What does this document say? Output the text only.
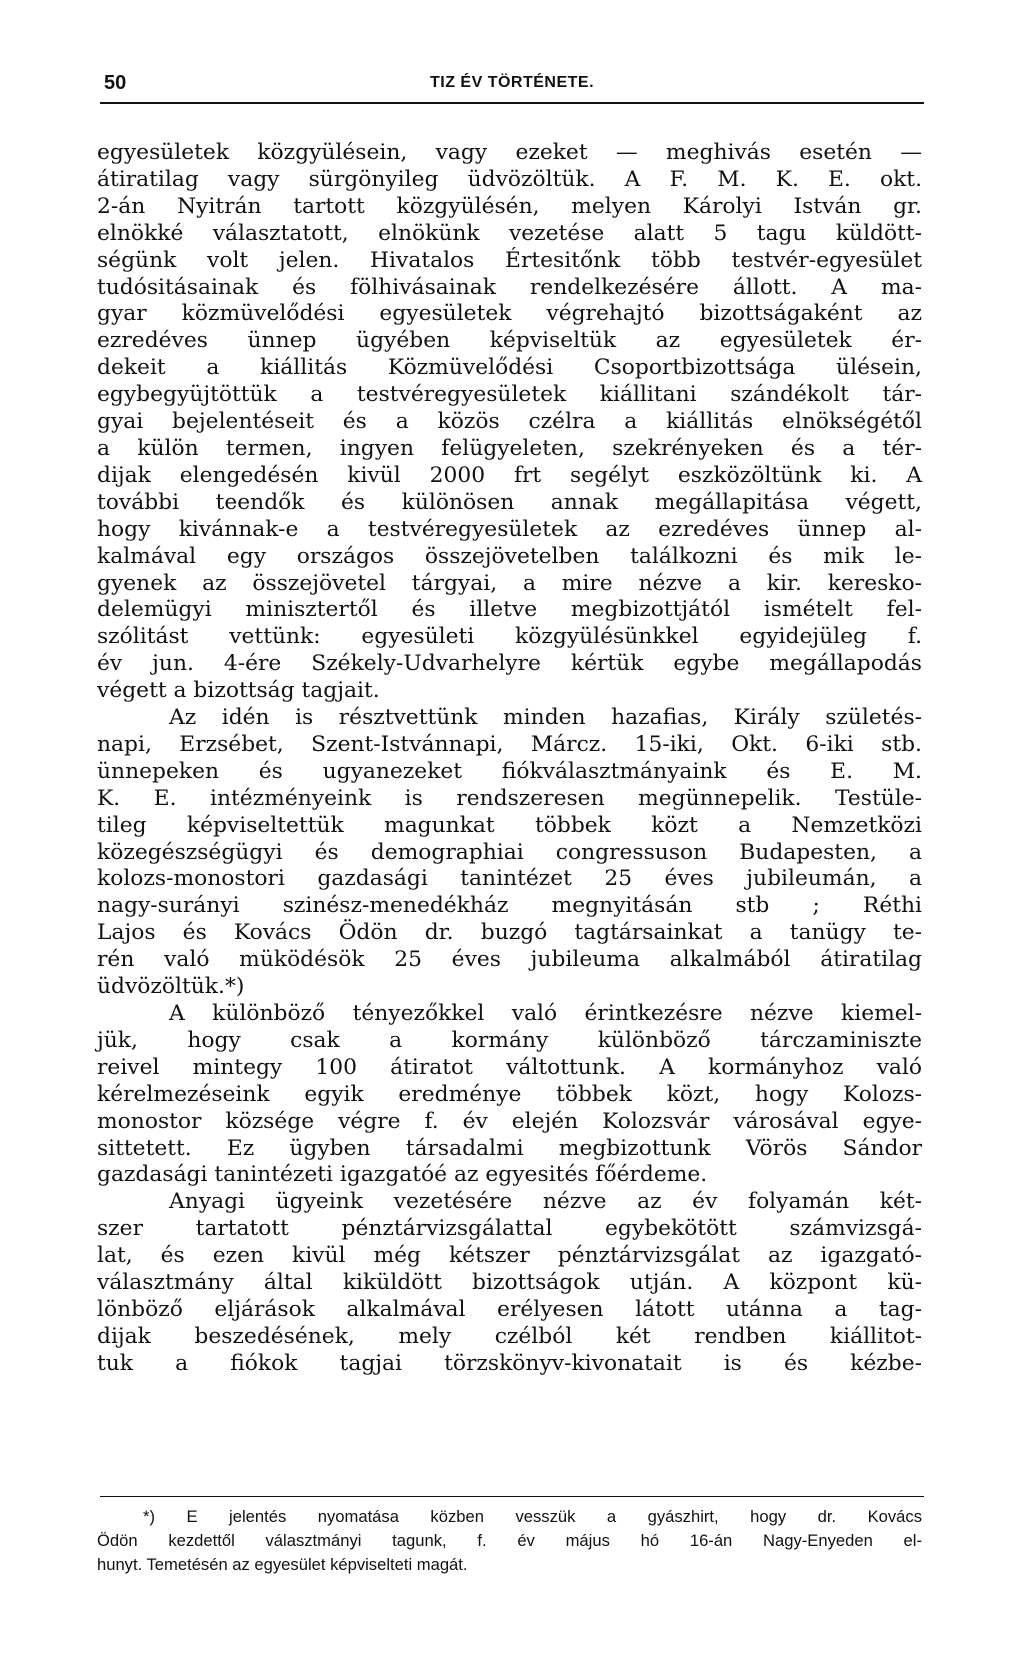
50	TIZ ÉV TÖRTÉNETE.
egyesületek közgyülésein, vagy ezeket — meghivás esetén —
átiratilag vagy sürgönyileg üdvözöltük. A F. M. K. E. okt.
2-án Nyitrán tartott közgyülésén, melyen Károlyi István gr.
elnökké választatott, elnökünk vezetése alatt 5 tagu küldött-
ségünk volt jelen. Hivatalos Értesitőnk több testvér-egyesület
tudósitásainak és fölhivásainak rendelkezésére állott. A ma-
gyar közmüvelődési egyesületek végrehajtó bizottságaként az
ezredéves ünnep ügyében képviseltük az egyesületek ér-
dekeit a kiállitás Közmüvelődési Csoportbizottsága ülésein,
egybegyüjtöttük a testvéregyesületek kiállitani szándékolt tár-
gyai bejelentéseit és a közös czélra a kiállitás elnökségétől
a külön termen, ingyen felügyeleten, szekrényeken és a tér-
dijak elengedésén kivül 2000 frt segélyt eszközöltünk ki. A
további teendők és különösen annak megállapitása végett,
hogy kivánnak-e a testvéregyesületek az ezredéves ünnep al-
kalmával egy országos összejövetelben találkozni és mik le-
gyenek az összejövetel tárgyai, a mire nézve a kir. keresko-
delemügyi minisztertől és illetve megbizottjától ismételt fel-
szólitást vettünk: egyesületi közgyülésünkkel egyidejüleg f.
év jun. 4-ére Székely-Udvarhelyre kértük egybe megállapodás
végett a bizottság tagjait.
Az idén is résztvettünk minden hazafias, Király születés-
napi, Erzsébet, Szent-Istvánnapi, Márcz. 15-iki, Okt. 6-iki stb.
ünnepeken és ugyanezeket fiókválasztmányaink és E. M.
K. E. intézményeink is rendszeresen megünnepelik. Testüle-
tileg képviseltettük magunkat többek közt a Nemzetközi
közegészségügyi és demographiai congressuson Budapesten, a
kolozs-monostori gazdasági tanintézet 25 éves jubileumán, a
nagy-surányi szinész-menedékház megnyitásán stb ; Réthi
Lajos és Kovács Ödön dr. buzgó tagtársainkat a tanügy te-
rén való müködésök 25 éves jubileuma alkalmából átiratilag
üdvözöltük.*)
A különböző tényezőkkel való érintkezésre nézve kiemel-
jük, hogy csak a kormány különböző tárczaminiszte
reivel mintegy 100 átiratot váltottunk. A kormányhoz való
kérelmezéseink egyik eredménye többek közt, hogy Kolozs-
monostor községe végre f. év elején Kolozsvár városával egye-
sittetett. Ez ügyben társadalmi megbizottunk Vörös Sándor
gazdasági tanintézeti igazgatóé az egyesités főérdeme.
Anyagi ügyeink vezetésére nézve az év folyamán két-
szer tartatott pénztárvizsgálattal egybekötött számvizsgá-
lat, és ezen kivül még kétszer pénztárvizsgálat az igazgató-
választmány által kiküldött bizottságok utján. A központ kü-
lönböző eljárások alkalmával erélyesen látott utánna a tag-
dijak beszedésének, mely czélból két rendben kiállitot-
tuk a fiókok tagjai törzskönyv-kivonatait is és kézbe-
*) E jelentés nyomatása közben vesszük a gyászhirt, hogy dr. Kovács
Ödön kezdettől választmányi tagunk, f. év május hó 16-án Nagy-Enyeden el-
hunyt. Temetésén az egyesület képviselteti magát.
